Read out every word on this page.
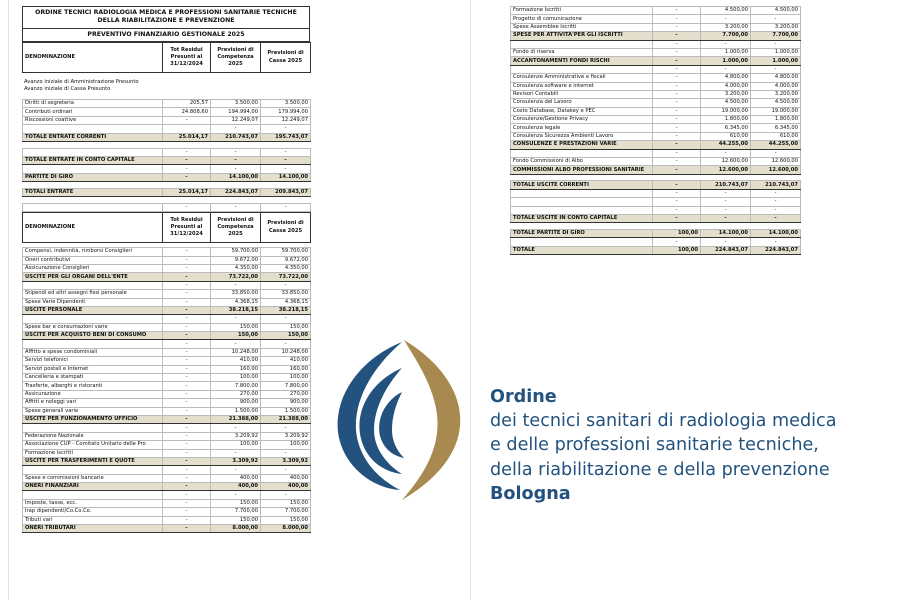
ORDINE TECNICI RADIOLOGIA MEDICA E PROFESSIONI SANITARIE TECNICHE DELLA RIABILITAZIONE E PREVENZIONE
PREVENTIVO FINANZIARIO GESTIONALE 2025
DENOMINAZIONE	Tot Residui Presunti al 31/12/2024	Previsioni di Competenza 2025	Previsioni di Cassa 2025
Avanzo iniziale di Amministrazione Presunto
Avanzo iniziale di Cassa Presunto
Diritti di segreteria	205,57	3.500,00	3.500,00
Contributi ordinari	24.808,60	194.994,00	179.994,00
Riscossioni coattive	-	12.249,07	12.249,07
		-	-
TOTALE ENTRATE CORRENTI	25.014,17	210.743,07	195.743,07

	-	-	-
TOTALE ENTRATE IN CONTO CAPITALE	-	-	-
	-	-	-
PARTITE DI GIRO	-	14.100,00	14.100,00

TOTALI ENTRATE	25.014,17	224.843,07	209.843,07

	-	-	-
DENOMINAZIONE	Tot Residui Presunti al 31/12/2024	Previsioni di Competenza 2025	Previsioni di Cassa 2025
Compensi, indennità, rimborsi Consiglieri	-	59.700,00	59.700,00
Oneri contributivi	-	9.672,00	9.672,00
Assicurazione Consiglieri	-	4.350,00	4.350,00
USCITE PER GLI ORGANI DELL'ENTE	-	73.722,00	73.722,00
	-	-	-
Stipendi ed altri assegni fissi personale	-	33.850,00	33.850,00
Spese Varie Dipendenti	-	4.368,15	4.368,15
USCITE PERSONALE	-	38.218,15	38.218,15
	-	-	-
Spese bar e consumazioni varie	-	150,00	150,00
USCITE PER ACQUISTO BENI DI CONSUMO	-	150,00	150,00
	-	-	-
Affitto e spese condominiali	-	10.248,00	10.248,00
Servizi telefonici	-	410,00	410,00
Servizi postali e Internet	-	160,00	160,00
Cancelleria e stampati	-	100,00	100,00
Trasferte, alberghi e ristoranti	-	7.800,00	7.800,00
Assicurazione	-	270,00	270,00
Affitti e noleggi vari	-	900,00	900,00
Spese generali varie	-	1.500,00	1.500,00
USCITE PER FUNZIONAMENTO UFFICIO	-	21.388,00	21.388,00
	-	-	-
Federazione Nazionale	-	3.209,92	3.209,92
Associazione CUP - Comitato Unitario delle Pro	-	100,00	100,00
Formazione Iscritti	-	-	-
USCITE PER TRASFERIMENTI E QUOTE	-	3.309,92	3.309,92
	-	-	-
Spese e commissioni bancarie	-	400,00	400,00
ONERI FINANZIARI	-	400,00	400,00
	-	-	-
Imposte, tasse, ecc.	-	150,00	150,00
Irap dipendenti/Co.Co.Co.	-	7.700,00	7.700,00
Tributi vari	-	150,00	150,00
ONERI TRIBUTARI	-	8.000,00	8.000,00
Formazione Iscritti	-	4.500,00	4.500,00
Progetto di comunicazione	-	-	-
Spese Assemblee Iscritti	-	3.200,00	3.200,00
SPESE PER ATTIVITA'PER GLI ISCRITTI	-	7.700,00	7.700,00
	-	-	-
Fondo di riserva	-	1.000,00	1.000,00
ACCANTONAMENTI FONDI RISCHI	-	1.000,00	1.000,00
	-	-	-
Consulenze Amministrative e fiscali	-	4.800,00	4.800,00
Consulenza software e internet	-	4.000,00	4.000,00
Revisori Contabili	-	3.200,00	3.200,00
Consulenza del Lavoro	-	4.500,00	4.500,00
Costo Database, Datakey e PEC	-	19.000,00	19.000,00
Consulenze/Gestione Privacy	-	1.800,00	1.800,00
Consulenza legale	-	6.345,00	6.345,00
Consulenza Sicurezza Ambienti Lavoro	-	610,00	610,00
CONSULENZE E PRESTAZIONI VARIE	-	44.255,00	44.255,00
	-	-	-
Fondo Commissioni di Albo	-	12.600,00	12.600,00
COMMISSIONI ALBO PROFESSIONI SANITARIE	-	12.600,00	12.600,00

TOTALE USCITE CORRENTI	-	210.743,07	210.743,07
	-	-	-
	-	-	-
	-	-	-
TOTALE USCITE IN CONTO CAPITALE	-	-	-

TOTALE PARTITE DI GIRO	100,00	14.100,00	14.100,00
	-	-	-
TOTALE	100,00	224.843,07	224.843,07
Ordine
dei tecnici sanitari di radiologia medica
e delle professioni sanitarie tecniche,
della riabilitazione e della prevenzione
Bologna
